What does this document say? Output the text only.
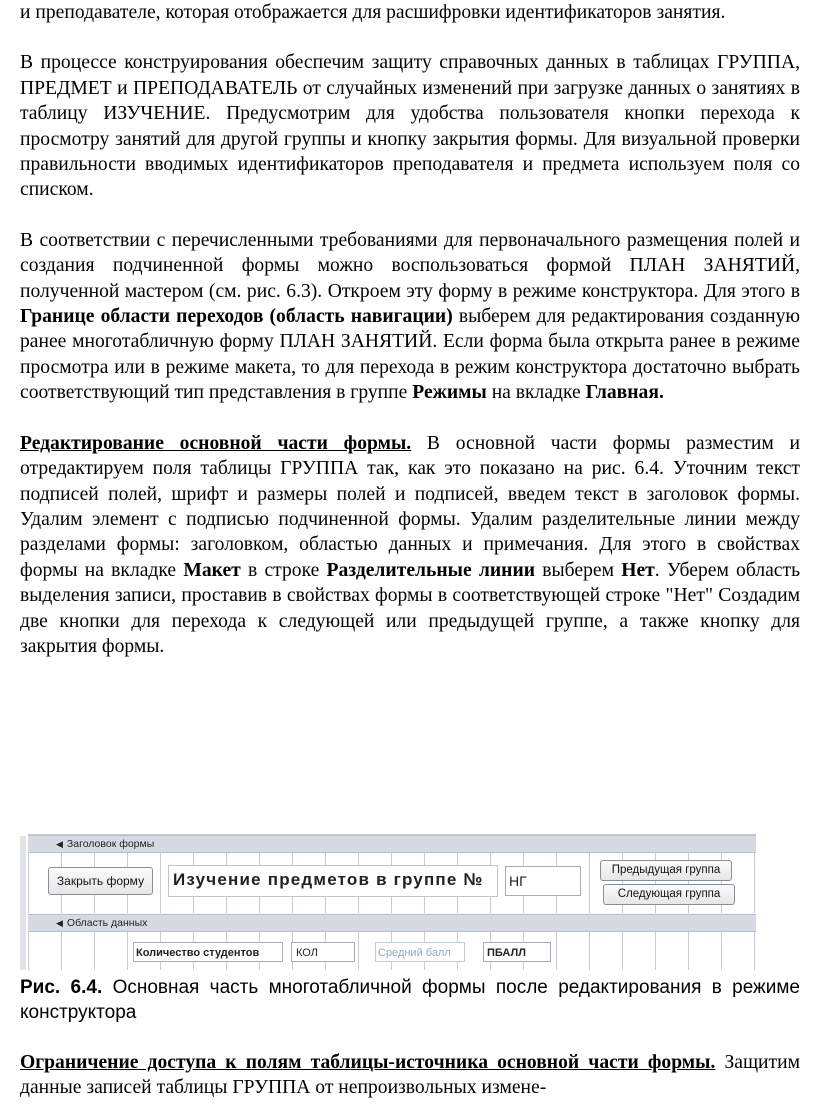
и преподавателе, которая отображается для расшифровки идентификаторов занятия.

В процессе конструирования обеспечим защиту справочных данных в таблицах ГРУППА, ПРЕДМЕТ и ПРЕПОДАВАТЕЛЬ от случайных изменений при загрузке данных о занятиях в таблицу ИЗУЧЕНИЕ. Предусмотрим для удобства пользователя кнопки перехода к просмотру занятий для другой группы и кнопку закрытия формы. Для визуальной проверки правильности вводимых идентификаторов преподавателя и предмета используем поля со списком.

В соответствии с перечисленными требованиями для первоначального размещения полей и создания подчиненной формы можно воспользоваться формой ПЛАН ЗАНЯТИЙ, полученной мастером (см. рис. 6.3). Откроем эту форму в режиме конструктора. Для этого в Границе области переходов (область навигации) выберем для редактирования созданную ранее многотабличную форму ПЛАН ЗАНЯТИЙ. Если форма была открыта ранее в режиме просмотра или в режиме макета, то для перехода в режим конструктора достаточно выбрать соответствующий тип представления в группе Режимы на вкладке Главная.

Редактирование основной части формы. В основной части формы разместим и отредактируем поля таблицы ГРУППА так, как это показано на рис. 6.4. Уточним текст подписей полей, шрифт и размеры полей и подписей, введем текст в заголовок формы. Удалим элемент с подписью подчиненной формы. Удалим разделительные линии между разделами формы: заголовком, областью данных и примечания. Для этого в свойствах формы на вкладке Макет в строке Разделительные линии выберем Нет. Уберем область выделения записи, проставив в свойствах формы в соответствующей строке "Нет" Создадим две кнопки для перехода к следующей или предыдущей группе, а также кнопку для закрытия формы.

◀ Заголовок формы
◀ Область данных
Закрыть форму	Изучение предметов в группе №	НГ
Предыдущая группа
Следующая группа
Количество студентов	КОЛ	Средний балл	ПБАЛЛ
Рис. 6.4. Основная часть многотабличной формы после редактирования в режиме конструктора

Ограничение доступа к полям таблицы-источника основной части формы. Защитим данные записей таблицы ГРУППА от непроизвольных измене-
